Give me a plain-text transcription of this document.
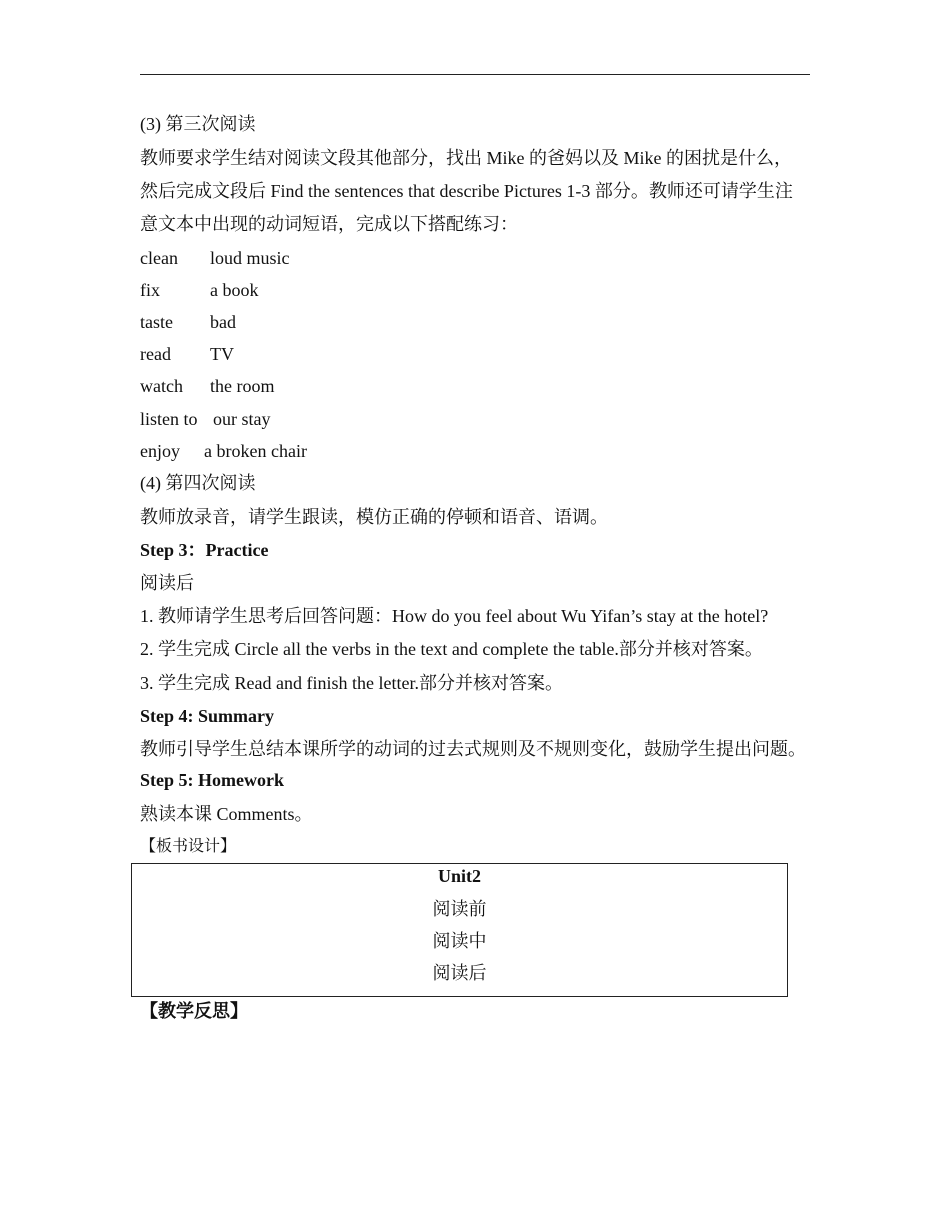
(3) 第三次阅读
教师要求学生结对阅读文段其他部分，找出 Mike 的爸妈以及 Mike 的困扰是什么，
然后完成文段后 Find the sentences that describe Pictures 1-3 部分。教师还可请学生注
意文本中出现的动词短语，完成以下搭配练习：
clean loud music
fix	a book
taste bad
read TV
watch the room
listen to our stay
enjoy a broken chair
(4) 第四次阅读
教师放录音，请学生跟读，模仿正确的停顿和语音、语调。
Step 3：Practice
阅读后
1. 教师请学生思考后回答问题：How do you feel about Wu Yifan’s stay at the hotel?
2. 学生完成 Circle all the verbs in the text and complete the table.部分并核对答案。
3. 学生完成 Read and finish the letter.部分并核对答案。
Step 4: Summary
教师引导学生总结本课所学的动词的过去式规则及不规则变化，鼓励学生提出问题。
Step 5: Homework
熟读本课 Comments。
【板书设计】
Unit2
阅读前
阅读中
阅读后
【教学反思】
